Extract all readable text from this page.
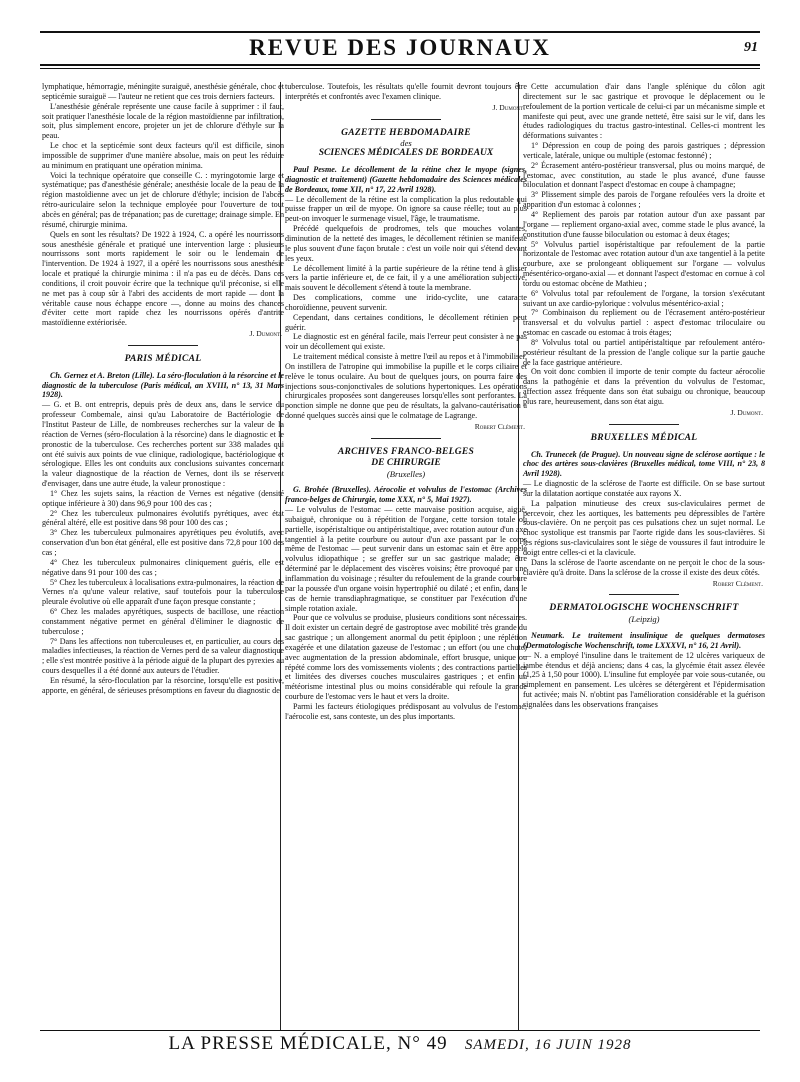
REVUE DES JOURNAUX	91

lymphatique, hémorragie, méningite suraiguë, anesthésie générale, choc et septicémie suraiguë — l'auteur ne retient que ces trois derniers facteurs.

L'anesthésie générale représente une cause facile à supprimer : il faut, soit pratiquer l'anesthésie locale de la région mastoïdienne par infiltration, soit, plus simplement encore, projeter un jet de chlorure d'éthyle sur la peau.

Le choc et la septicémie sont deux facteurs qu'il est difficile, sinon impossible de supprimer d'une manière absolue, mais on peut les réduire au minimum en pratiquant une opération minima.

Voici la technique opératoire que conseille C. : myringotomie large et systématique; pas d'anesthésie générale; anesthésie locale de la peau de la région mastoïdienne avec un jet de chlorure d'éthyle; incision de l'abcès rétro-auriculaire selon la technique employée pour l'ouverture de tout abcès en général; pas de trépanation; pas de curettage; drainage simple. En résumé, chirurgie minima.

Quels en sont les résultats? De 1922 à 1924, C. a opéré les nourrissons sous anesthésie générale et pratiqué une intervention large : plusieurs nourrissons sont morts rapidement le soir ou le lendemain de l'intervention. De 1924 à 1927, il a opéré les nourrissons sous anesthésie locale et pratiqué la chirurgie minima : il n'a pas eu de décès. Dans ces conditions, il croit pouvoir écrire que la technique qu'il préconise, si elle ne met pas à coup sûr à l'abri des accidents de mort rapide — dont la véritable cause nous échappe encore —, donne au moins des chances d'éviter cette mort rapide chez les nourrissons opérés d'antrite mastoïdienne extériorisée.

J. Dumont.
PARIS MÉDICAL

Ch. Gernez et A. Breton (Lille). La séro-floculation à la résorcine et le diagnostic de la tuberculose (Paris médical, an XVIII, n° 13, 31 Mars 1928).

— G. et B. ont entrepris, depuis près de deux ans, dans le service du professeur Combemale, ainsi qu'au Laboratoire de Bactériologie de l'Institut Pasteur de Lille, de nombreuses recherches sur la valeur de la réaction de Vernes (séro-floculation à la résorcine) dans le diagnostic et le pronostic de la tuberculose. Ces recherches portent sur 338 malades qui ont été suivis aux points de vue clinique, radiologique, bactériologique et sérologique. Elles les ont conduits aux conclusions suivantes concernant la valeur diagnostique de la réaction de Vernes, dont ils se réservent d'envisager, dans une autre étude, la valeur pronostique :

1° Chez les sujets sains, la réaction de Vernes est négative (densité optique inférieure à 30) dans 96,9 pour 100 des cas ;

2° Chez les tuberculeux pulmonaires évolutifs pyrétiques, avec état général altéré, elle est positive dans 98 pour 100 des cas ;

3° Chez les tuberculeux pulmonaires apyrétiques peu évolutifs, avec conservation d'un bon état général, elle est positive dans 72,8 pour 100 des cas ;

4° Chez les tuberculeux pulmonaires cliniquement guéris, elle est négative dans 91 pour 100 des cas ;

5° Chez les tuberculeux à localisations extra-pulmonaires, la réaction de Vernes n'a qu'une valeur relative, sauf toutefois pour la tuberculose pleurale évolutive où elle apparaît d'une façon presque constante ;

6° Chez les malades apyrétiques, suspects de bacillose, une réaction constamment négative permet en général d'éliminer le diagnostic de tuberculose ;

7° Dans les affections non tuberculeuses et, en particulier, au cours des maladies infectieuses, la réaction de Vernes perd de sa valeur diagnostique ; elle s'est montrée positive à la période aiguë de la plupart des pyrexies au cours desquelles il a été donné aux auteurs de l'étudier.

En résumé, la séro-floculation par la résorcine, lorsqu'elle est positive, apporte, en général, de sérieuses présomptions en faveur du diagnostic de

tuberculose. Toutefois, les résultats qu'elle fournit devront toujours être interprétés et confrontés avec l'examen clinique.

J. Dumont.
GAZETTE HEBDOMADAIRE
des
SCIENCES MÉDICALES DE BORDEAUX

Paul Pesme. Le décollement de la rétine chez le myope (signes, diagnostic et traitement) (Gazette hebdomadaire des Sciences médicales de Bordeaux, tome XII, n° 17, 22 Avril 1928).

— Le décollement de la rétine est la complication la plus redoutable qui puisse frapper un œil de myope. On ignore sa cause réelle; tout au plus peut-on invoquer le surmenage visuel, l'âge, le traumatisme.

Précédé quelquefois de prodromes, tels que mouches volantes, diminution de la netteté des images, le décollement rétinien se manifeste le plus souvent d'une façon brutale : c'est un voile noir qui s'étend devant les yeux.

Le décollement limité à la partie supérieure de la rétine tend à glisser vers la partie inférieure et, de ce fait, il y a une amélioration subjective, mais souvent le décollement s'étend à toute la membrane.

Des complications, comme une irido-cyclite, une cataracte choroïdienne, peuvent survenir.

Cependant, dans certaines conditions, le décollement rétinien peut guérir.

Le diagnostic est en général facile, mais l'erreur peut consister à ne pas voir un décollement qui existe.

Le traitement médical consiste à mettre l'œil au repos et à l'immobiliser. On instillera de l'atropine qui immobilise la pupille et le corps ciliaire et relève le tonus oculaire. Au bout de quelques jours, on pourra faire des injections sous-conjonctivales de solutions hypertoniques. Les opérations chirurgicales proposées sont dangereuses lorsqu'elles sont perforantes. La ponction simple ne donne que peu de résultats, la galvano-cautérisation a donné quelques succès ainsi que le colmatage de Lagrange.

Robert Clément.
ARCHIVES FRANCO-BELGES
DE CHIRURGIE
(Bruxelles)

G. Brohée (Bruxelles). Aérocolie et volvulus de l'estomac (Archives franco-belges de Chirurgie, tome XXX, n° 5, Mai 1927).

— Le volvulus de l'estomac — cette mauvaise position acquise, aiguë, subaiguë, chronique ou à répétition de l'organe, cette torsion totale ou partielle, isopéristaltique ou antipéristaltique, avec rotation autour d'un axe tangentiel à la petite courbure ou autour d'un axe passant par le corps même de l'estomac — peut survenir dans un estomac sain et être appelé volvulus idiopathique ; se greffer sur un sac gastrique malade; être déterminé par le déplacement des viscères voisins; être provoqué par une inflammation du voisinage ; résulter du refoulement de la grande courbure par la poussée d'un organe voisin hypertrophié ou dilaté ; et enfin, dans le cas de hernie transdiaphragmatique, se constituer par l'exécution d'une simple rotation axiale.

Pour que ce volvulus se produise, plusieurs conditions sont nécessaires. Il doit exister un certain degré de gastroptose avec mobilité très grande du sac gastrique ; un allongement anormal du petit épiploon ; une réplétion exagérée et une dilatation gazeuse de l'estomac ; un effort (ou une chute) avec augmentation de la pression abdominale, effort brusque, unique ou répété comme lors des vomissements violents ; des contractions partielles et limitées des diverses couches musculaires gastriques ; et enfin un météorisme intestinal plus ou moins considérable qui refoule la grande courbure de l'estomac vers le haut et vers la droite.

Parmi les facteurs étiologiques prédisposant au volvulus de l'estomac, l'aérocolie est, sans conteste, un des plus importants.

Cette accumulation d'air dans l'angle splénique du côlon agit directement sur le sac gastrique et provoque le déplacement ou le refoulement de la portion verticale de celui-ci par un mécanisme simple et manifeste qui peut, avec une grande netteté, être saisi sur le vif, dans les études radiologiques du tractus gastro-intestinal. Celles-ci montrent les déformations suivantes :

1° Dépression en coup de poing des parois gastriques ; dépression verticale, latérale, unique ou multiple (estomac festonné) ;

2° Écrasement antéro-postérieur transversal, plus ou moins marqué, de l'estomac, avec constitution, au stade le plus avancé, d'une fausse biloculation et donnant l'aspect d'estomac en coupe à champagne;

3° Plissement simple des parois de l'organe refoulées vers la droite et apparition d'un estomac à colonnes ;

4° Repliement des parois par rotation autour d'un axe passant par l'organe — repliement organo-axial avec, comme stade le plus avancé, la constitution d'une fausse biloculation ou estomac à deux étages;

5° Volvulus partiel isopéristaltique par refoulement de la partie horizontale de l'estomac avec rotation autour d'un axe tangentiel à la petite courbure, axe se prolongeant obliquement sur l'organe — volvulus mésentérico-organo-axial — et donnant l'aspect d'estomac en cornue à col tordu ou estomac obcène de Mathieu ;

6° Volvulus total par refoulement de l'organe, la torsion s'exécutant suivant un axe cardio-pylorique : volvulus mésentérico-axial ;

7° Combinaison du repliement ou de l'écrasement antéro-postérieur transversal et du volvulus partiel : aspect d'estomac triloculaire ou estomac en cascade ou estomac à trois étages;

8° Volvulus total ou partiel antipéristaltique par refoulement antéro-postérieur résultant de la pression de l'angle colique sur la partie gauche de la face gastrique antérieure.

On voit donc combien il importe de tenir compte du facteur aérocolie dans la pathogénie et dans la prévention du volvulus de l'estomac, affection assez fréquente dans son état subaigu ou chronique, beaucoup plus rare, heureusement, dans son état aigu.

J. Dumont.
BRUXELLES MÉDICAL

Ch. Trunecek (de Prague). Un nouveau signe de sclérose aortique : le choc des artères sous-clavières (Bruxelles médical, tome VIII, n° 23, 8 Avril 1928).

— Le diagnostic de la sclérose de l'aorte est difficile. On se base surtout sur la dilatation aortique constatée aux rayons X.

La palpation minutieuse des creux sus-claviculaires permet de percevoir, chez les aortiques, les battements peu dépressibles de l'artère sous-clavière. On ne perçoit pas ces pulsations chez un sujet normal. Le choc systolique est transmis par l'aorte rigide dans les sous-clavières. Si les régions sus-claviculaires sont le siège de voussures il faut introduire le doigt entre celles-ci et la clavicule.

Dans la sclérose de l'aorte ascendante on ne perçoit le choc de la sous-clavière qu'à droite. Dans la sclérose de la crosse il existe des deux côtés.

Robert Clément.
DERMATOLOGISCHE WOCHENSCHRIFT
(Leipzig)

Neumark. Le traitement insulinique de quelques dermatoses (Dermatologische Wochenschrift, tome LXXXVI, n° 16, 21 Avril).

— N. a employé l'insuline dans le traitement de 12 ulcères variqueux de jambe étendus et déjà anciens; dans 4 cas, la glycémie était assez élevée (1,25 à 1,50 pour 1000). L'insuline fut employée par voie sous-cutanée, ou simplement en pansement. Les ulcères se détergèrent et l'épidermisation fut activée; mais N. n'obtint pas l'amélioration considérable et la guérison signalées dans les observations françaises

LA PRESSE MÉDICALE, N° 49 SAMEDI, 16 JUIN 1928
